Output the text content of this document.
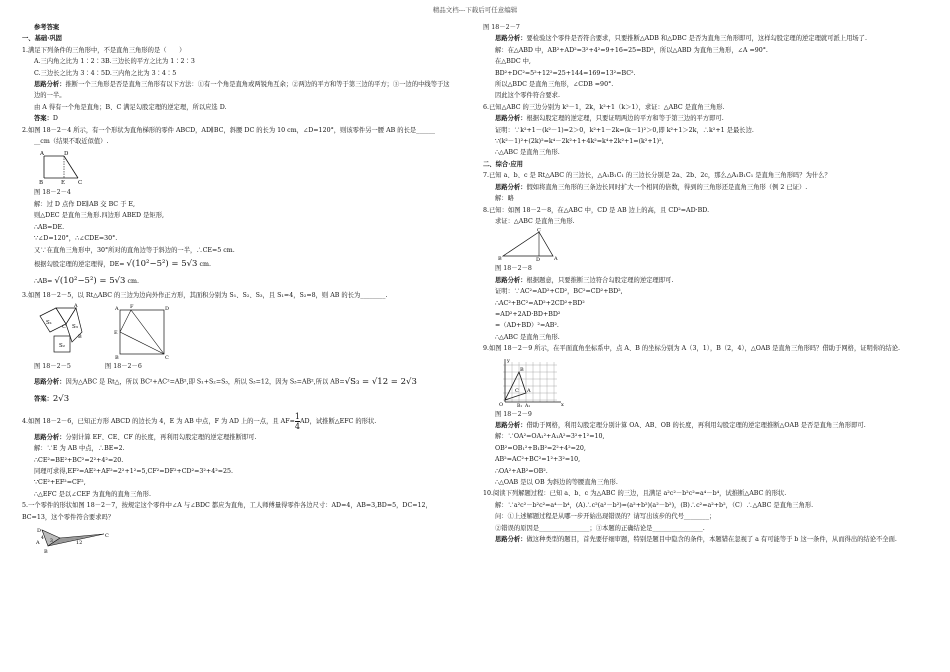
精品文档---下载后可任意编辑

参考答案

一、基础·巩固

1.满足下列条件的三角形中，不是直角三角形的是（　　）

A.三内角之比为 1∶2∶3B.三边长的平方之比为 1∶2∶3

C.三边长之比为 3∶4∶5D.三内角之比为 3∶4∶5

思路分析：推断一个三角形是否是直角三角形有以下方法：①有一个角是直角或两锐角互余；②两边的平方和等于第三边的平方；③一边的中线等于这边的一半。

由 A 得有一个角是直角；B、C 满足勾股定理的逆定理，所以应选 D.

答案：D

2.如图 18－2－4 所示，有一个形状为直角梯形的零件 ABCD，AD∥BC，斜腰 DC 的长为 10 cm，∠D=120°，则该零件另一腰 AB 的长是______

__cm（结果不取近似值）.

A	D
B	E C

图 18－2－4

解：过 D 点作 DE∥AB 交 BC 于 E,

则△DEC 是直角三角形.四边形 ABED 是矩形,

∴AB=DE.

∵∠D=120°，∴∠CDE=30°.

又∵在直角三角形中，30°所对的直角边等于斜边的一半，∴CE=5 cm.

根据勾股定理的逆定理得，DE= √(10²−5²) = 5√3 cm.

∴AB= √(10²−5²) = 5√3 cm.

3.如图 18－2－5，以 Rt△ABC 的三边为边向外作正方形，其面积分别为 S₁、S₂、S₃，且 S₁=4，S₂=8，则 AB 的长为________.

S₁
S₃
S₂
A
C
B
A F	D
E
B	C

图 18－2－5	图 18－2－6

思路分析：因为△ABC 是 Rt△，所以 BC²+AC²=AB²,即 S₁+S₂=S₃，所以 S₃=12，因为 S₃=AB²,所以 AB=√S₃ = √12 = 2√3

答案：2√3

4.如图 18－2－6，已知正方形 ABCD 的边长为 4，E 为 AB 中点，F 为 AD 上的一点，且 $AF= \frac{1}{4}$ AD，试推断△EFC 的形状.

思路分析：分别计算 EF、CE、CF 的长度，再利用勾股定理的逆定理推断即可.

解：∵E 为 AB 中点，∴BE=2.

∴CE²=BE²+BC²=2²+4²=20.

同理可求得,EF²=AE²+AF²=2²+1²=5,CF²=DF²+CD²=3²+4²=25.

∵CE²+EF²=CF²,

∴△EFC 是以∠CEF 为直角的直角三角形.

5.一个零件的形状如图 18－2－7，按规定这个零件中∠A 与∠BDC 都应为直角，工人师傅量得零件各边尺寸：AD=4，AB=3,BD=5，DC=12，BC=13，这个零件符合要求吗？

D
A
B
C
4
3	12

图 18－2－7

思路分析：要检验这个零件是否符合要求，只要推断△ADB 和△DBC 是否为直角三角形即可，这样勾股定理的逆定理就可派上用场了.

解：在△ABD 中，AB²+AD²=3²+4²=9+16=25=BD²，所以△ABD 为直角三角形，∠A =90°.

在△BDC 中,

BD²+DC²=5²+12²=25+144=169=13²=BC².

所以△BDC 是直角三角形，∠CDB =90°.

因此这个零件符合要求.

6.已知△ABC 的三边分别为 k²－1，2k，k²+1（k＞1），求证：△ABC 是直角三角形.

思路分析：根据勾股定理的逆定理，只要证明两边的平方和等于第三边的平方即可.

证明：∵k²+1－(k²－1)=2＞0，k²+1－2k=(k－1)²＞0,即 k²+1＞2k，∴k²+1 是最长边.

∵(k²－1)²+(2k)²=k⁴－2k²+1+4k²=k⁴+2k²+1=(k²+1)²,

∴△ABC 是直角三角形.

二、综合·应用

7.已知 a、b、c 是 Rt△ABC 的三边长，△A₁B₁C₁ 的三边长分别是 2a、2b、2c，那么△A₁B₁C₁ 是直角三角形吗？为什么？

思路分析：假如将直角三角形的三条边长同时扩大一个相同的倍数，得到的三角形还是直角三角形（例 2 已证）.

解：略

8.已知：如图 18－2－8，在△ABC 中，CD 是 AB 边上的高，且 CD²=AD·BD.

求证：△ABC 是直角三角形.

B
C
D	A

图 18－2－8

思路分析：根据题意，只要推断三边符合勾股定理的逆定理即可.

证明：∵AC²=AD²+CD²，BC²=CD²+BD²,

∴AC²+BC²=AD²+2CD²+BD²

=AD²+2AD·BD+BD²

=（AD+BD）²=AB².

∴△ABC 是直角三角形.

9.如图 18－2－9 所示，在平面直角坐标系中，点 A、B 的坐标分别为 A（3，1），B（2，4），△OAB 是直角三角形吗？借助于网格，证明你的结论.

y
x
O
A
B
C
A₁
B₁

图 18－2－9

思路分析：借助于网格，利用勾股定理分别计算 OA、AB、OB 的长度，再利用勾股定理的逆定理推断△OAB 是否是直角三角形即可.

解：∵OA²=OA₁²+A₁A²=3²+1²=10,

OB²=OB₁²+B₁B²=2²+4²=20,

AB²=AC²+BC²=1²+3²=10,

∴OA²+AB²=OB².

∴△OAB 是以 OB 为斜边的等腰直角三角形.

10.阅读下列解题过程：已知 a、b、c 为△ABC 的三边，且满足 a²c²－b²c²=a⁴－b⁴，试推断△ABC 的形状.

解：∵a²c²－b²c²=a⁴－b⁴，(A)∴c²(a²－b²)=(a²+b²)(a²－b²)，(B)∴c²=a²+b²，（C）∴△ABC 是直角三角形.

问：①上述解题过程是从哪一步开始出现错误的？请写出该步的代号________；

②错误的原因是________________；③本题的正确结论是________________.

思路分析：做这种类型的题目，首先要仔细审题，特别是题目中隐含的条件，本题错在忽视了 a 有可能等于 b 这一条件，从而得出的结论不全面.
